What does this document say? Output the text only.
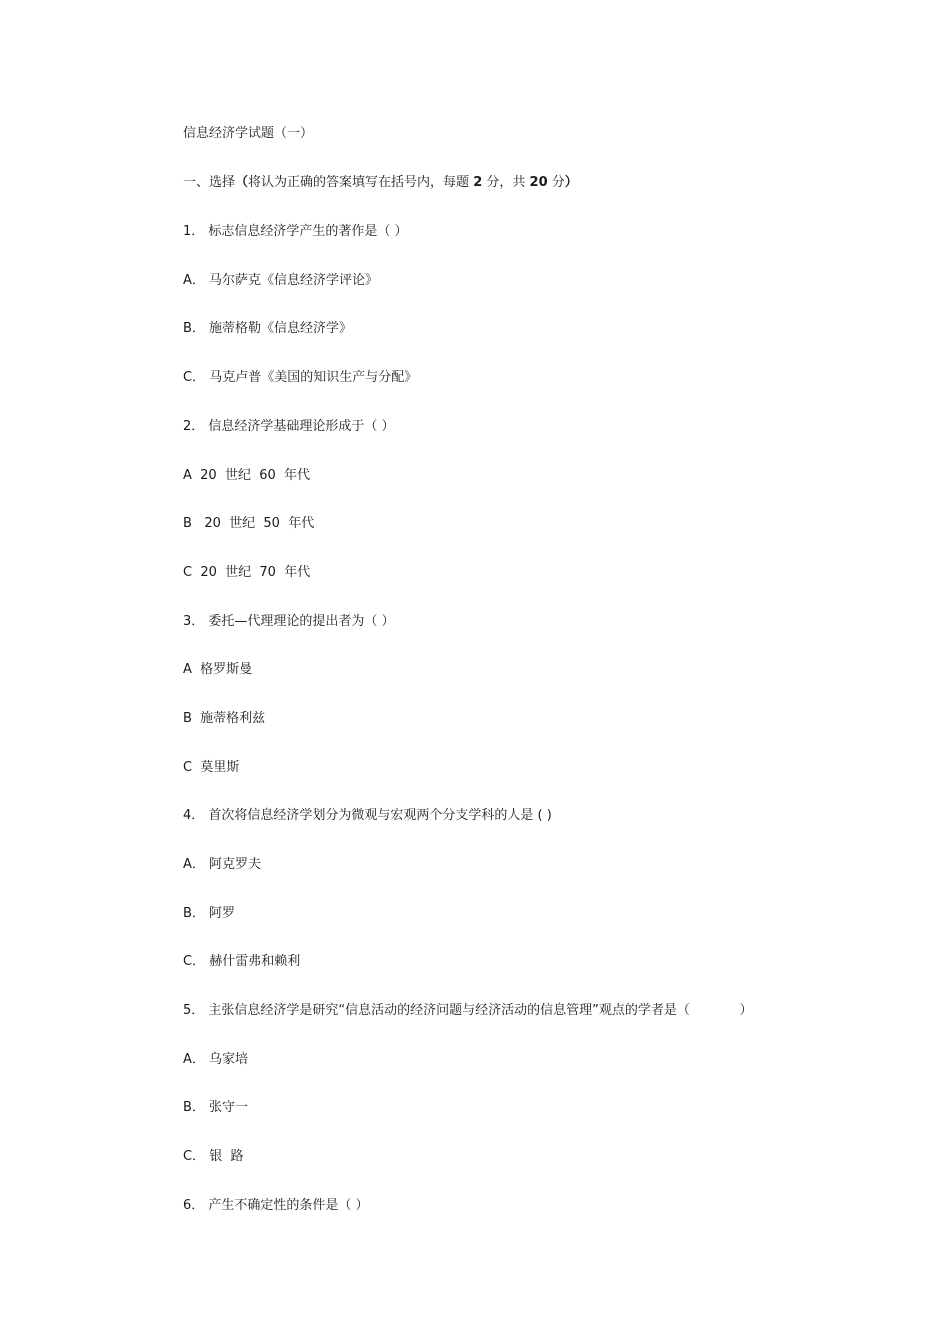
信息经济学试题（一）
一、选择（将认为正确的答案填写在括号内，每题 2 分，共 20 分）
1． 标志信息经济学产生的著作是（ ）
A． 马尔萨克《信息经济学评论》
B． 施蒂格勒《信息经济学》
C． 马克卢普《美国的知识生产与分配》
2． 信息经济学基础理论形成于（ ）
A  20  世纪  60  年代
B   20  世纪  50  年代
C  20  世纪  70  年代
3． 委托—代理理论的提出者为（ ）
A  格罗斯曼
B  施蒂格利兹
C  莫里斯
4． 首次将信息经济学划分为微观与宏观两个分支学科的人是 ( )
A． 阿克罗夫
B． 阿罗
C． 赫什雷弗和赖利
5． 主张信息经济学是研究“信息活动的经济问题与经济活动的信息管理”观点的学者是（            ）
A． 乌家培
B． 张守一
C． 银  路
6． 产生不确定性的条件是（ ）
